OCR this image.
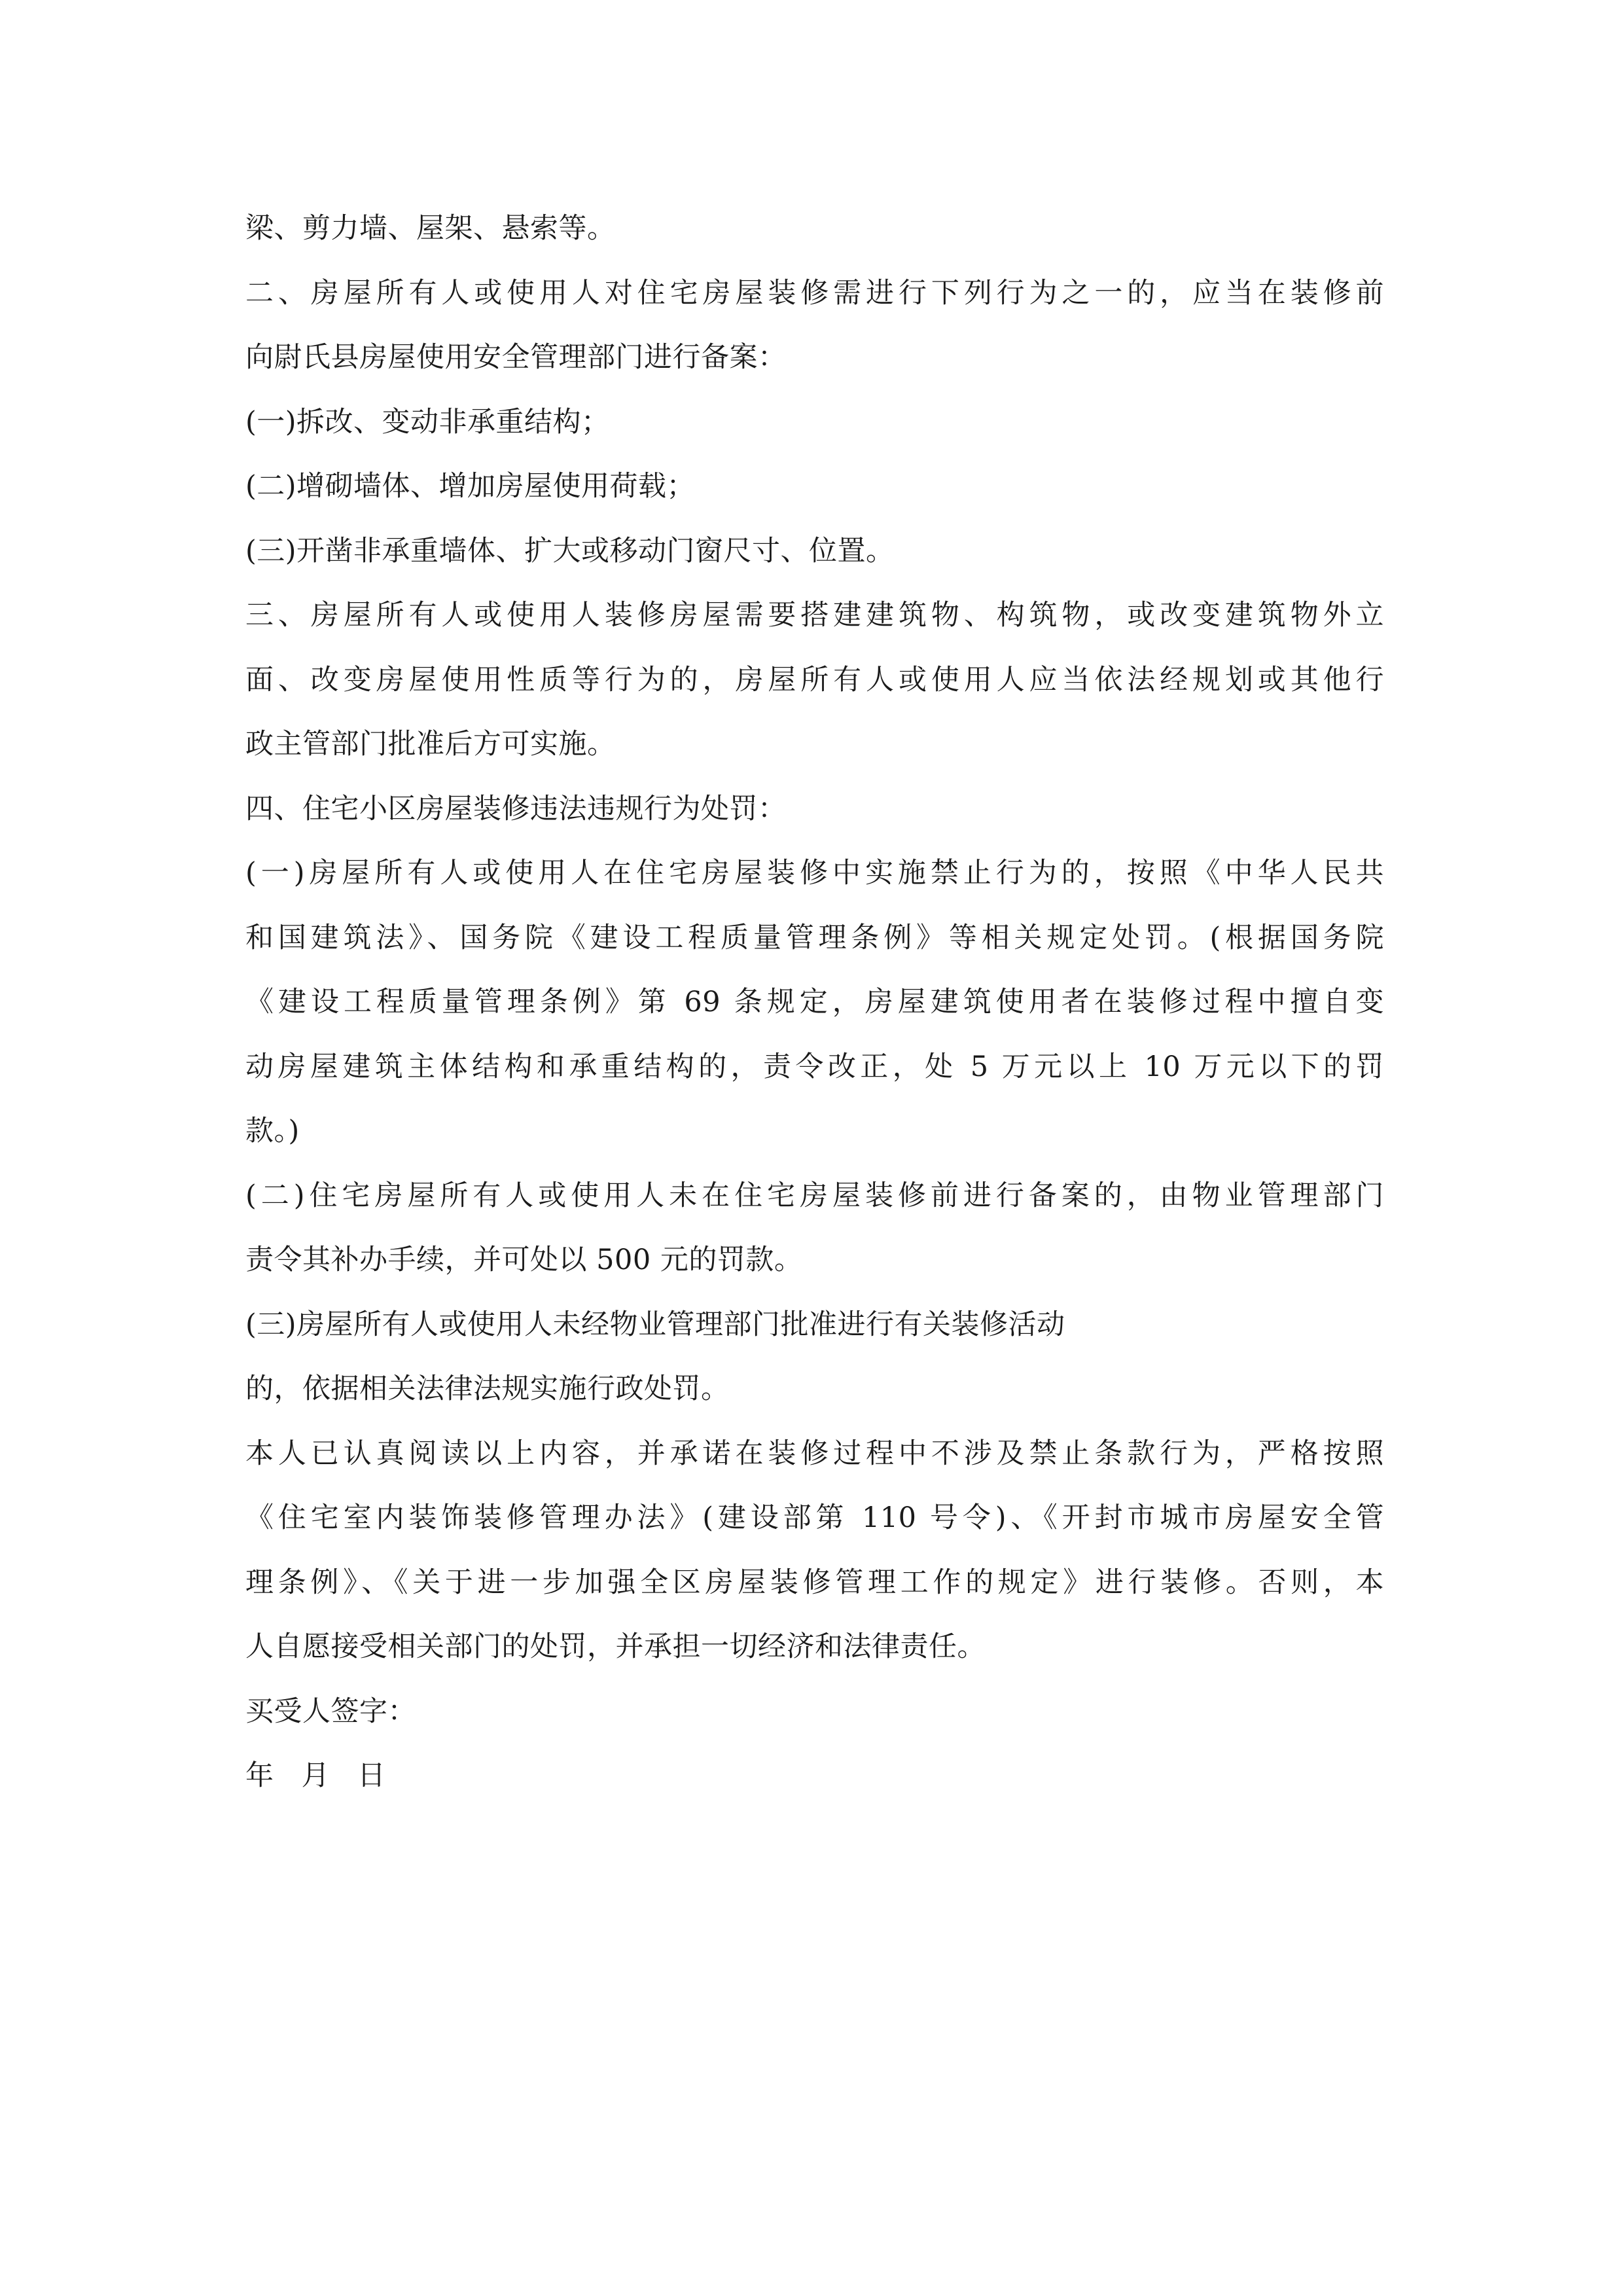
梁、剪力墙、屋架、悬索等。
二、房屋所有人或使用人对住宅房屋装修需进行下列行为之一的，应当在装修前
向尉氏县房屋使用安全管理部门进行备案：
(一)拆改、变动非承重结构；
(二)增砌墙体、增加房屋使用荷载；
(三)开凿非承重墙体、扩大或移动门窗尺寸、位置。
三、房屋所有人或使用人装修房屋需要搭建建筑物、构筑物，或改变建筑物外立
面、改变房屋使用性质等行为的，房屋所有人或使用人应当依法经规划或其他行
政主管部门批准后方可实施。
四、住宅小区房屋装修违法违规行为处罚：
(一)房屋所有人或使用人在住宅房屋装修中实施禁止行为的，按照《中华人民共
和国建筑法》、国务院《建设工程质量管理条例》等相关规定处罚。(根据国务院
《建设工程质量管理条例》第 69 条规定，房屋建筑使用者在装修过程中擅自变
动房屋建筑主体结构和承重结构的，责令改正，处 5 万元以上 10 万元以下的罚
款。)
(二)住宅房屋所有人或使用人未在住宅房屋装修前进行备案的，由物业管理部门
责令其补办手续，并可处以 500 元的罚款。
(三)房屋所有人或使用人未经物业管理部门批准进行有关装修活动
的，依据相关法律法规实施行政处罚。
本人已认真阅读以上内容，并承诺在装修过程中不涉及禁止条款行为，严格按照
《住宅室内装饰装修管理办法》(建设部第 110 号令)、《开封市城市房屋安全管
理条例》、《关于进一步加强全区房屋装修管理工作的规定》进行装修。否则，本
人自愿接受相关部门的处罚，并承担一切经济和法律责任。
买受人签字：
年 月 日
